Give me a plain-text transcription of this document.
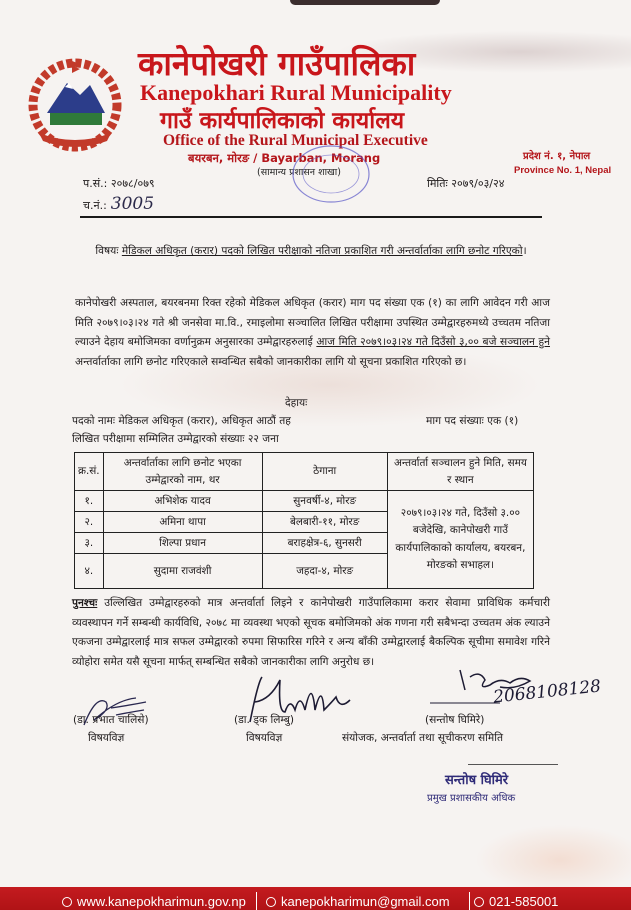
कानेपोखरी गाउँपालिका
Kanepokhari Rural Municipality
गाउँ कार्यपालिकाको कार्यालय
Office of the Rural Municipal Executive
बयरबन, मोरङ / Bayarban, Morang
(सामान्य प्रशासन शाखा)
प्रदेश नं. १, नेपाल
Province No. 1, Nepal
प.सं.: २०७८/०७९
च.नं.: 3005
मितिः २०७९/०३/२४
विषयः मेडिकल अधिकृत (करार) पदको लिखित परीक्षाको नतिजा प्रकाशित गरी अन्तर्वार्ताका लागि छनोट गरिएको।
कानेपोखरी अस्पताल, बयरबनमा रिक्त रहेको मेडिकल अधिकृत (करार) माग पद संख्या एक (१) का लागि आवेदन गरी आज मिति २०७९।०३।२४ गते श्री जनसेवा मा.वि., रमाइलोमा सञ्चालित लिखित परीक्षामा उपस्थित उम्मेद्वारहरुमध्ये उच्चतम नतिजा ल्याउने देहाय बमोजिमका वर्णानुक्रम अनुसारका उम्मेद्वारहरुलाई आज मिति २०७९।०३।२४ गते दिउँसो ३,०० बजे सञ्चालन हुने अन्तर्वार्ताका लागि छनोट गरिएकाले सम्वन्धित सबैको जानकारीका लागि यो सूचना प्रकाशित गरिएको छ।
देहायः
पदको नामः मेडिकल अधिकृत (करार), अधिकृत आठौं तह	माग पद संख्याः एक (१)
लिखित परीक्षामा सम्मिलित उम्मेद्वारको संख्याः २२ जना
क्र.सं.	अन्तर्वार्ताका लागि छनोट भएका उम्मेद्वारको नाम, थर	ठेगाना	अन्तर्वार्ता सञ्चालन हुने मिति, समय र स्थान
१.	अभिशेक यादव	सुनवर्षी-४, मोरङ	२०७९।०३।२४ गते, दिउँसो ३.०० बजेदेखि, कानेपोखरी गाउँ कार्यपालिकाको कार्यालय, बयरबन, मोरङको सभाहल।
२.	अमिना थापा	बेलबारी-११, मोरङ	
३.	शिल्पा प्रधान	बराहक्षेत्र-६, सुनसरी	
४.	सुदामा राजवंशी	जहदा-४, मोरङ	
पुनश्चः उल्लिखित उम्मेद्वारहरुको मात्र अन्तर्वार्ता लिइने र कानेपोखरी गाउँपालिकामा करार सेवामा प्राविधिक कर्मचारी व्यवस्थापन गर्ने सम्बन्धी कार्यविधि, २०७८ मा व्यवस्था भएको सूचक बमोजिमको अंक गणना गरी सबैभन्दा उच्चतम अंक ल्याउने एकजना उम्मेद्वारलाई मात्र सफल उम्मेद्वारको रुपमा सिफारिस गरिने र अन्य बाँकी उम्मेद्वारलाई बैकल्पिक सूचीमा समावेश गरिने व्योहोरा समेत यसै सूचना मार्फत् सम्बन्धित सबैको जानकारीका लागि अनुरोध छ।
2068108128
(डा. प्रभात चालिसे)	(डा. ड्क लिम्बु)	(सन्तोष घिमिरे)
विषयविज्ञ	विषयविज्ञ	संयोजक, अन्तर्वार्ता तथा सूचीकरण समिति
सन्तोष घिमिरे
प्रमुख प्रशासकीय अधिक
www.kanepokharimun.gov.np	kanepokharimun@gmail.com	021-585001
